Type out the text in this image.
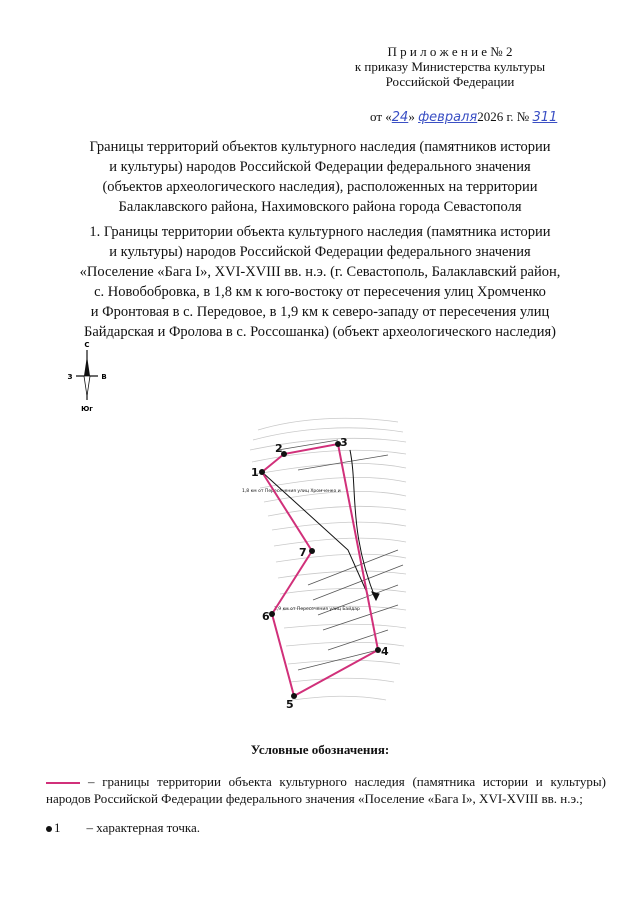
П р и л о ж е н и е № 2
к приказу Министерства культуры
Российской Федерации
от «24» февраля2026 г. № 311
Границы территорий объектов культурного наследия (памятников истории
и культуры) народов Российской Федерации федерального значения
(объектов археологического наследия), расположенных на территории
Балаклавского района, Нахимовского района города Севастополя
1. Границы территории объекта культурного наследия (памятника истории
и культуры) народов Российской Федерации федерального значения
«Поселение «Бага I», XVI-XVIII вв. н.э. (г. Севастополь, Балаклавский район,
с. Новобобровка, в 1,8 км к юго-востоку от пересечения улиц Хромченко
и Фронтовая в с. Передовое, в 1,9 км к северо-западу от пересечения улиц
Байдарская и Фролова в с. Россошанка) (объект археологического наследия)
С
Юг
З	В
1,8 км от Пересечения улиц Хромченко и
1,9 км от Пересечения улиц Байдар
1
2	3
4
5
6
7
Условные обозначения:
– границы территории объекта культурного наследия (памятника истории и культуры) народов Российской Федерации федерального значения «Поселение «Бага I», XVI-XVIII вв. н.э.;
1 – характерная точка.
